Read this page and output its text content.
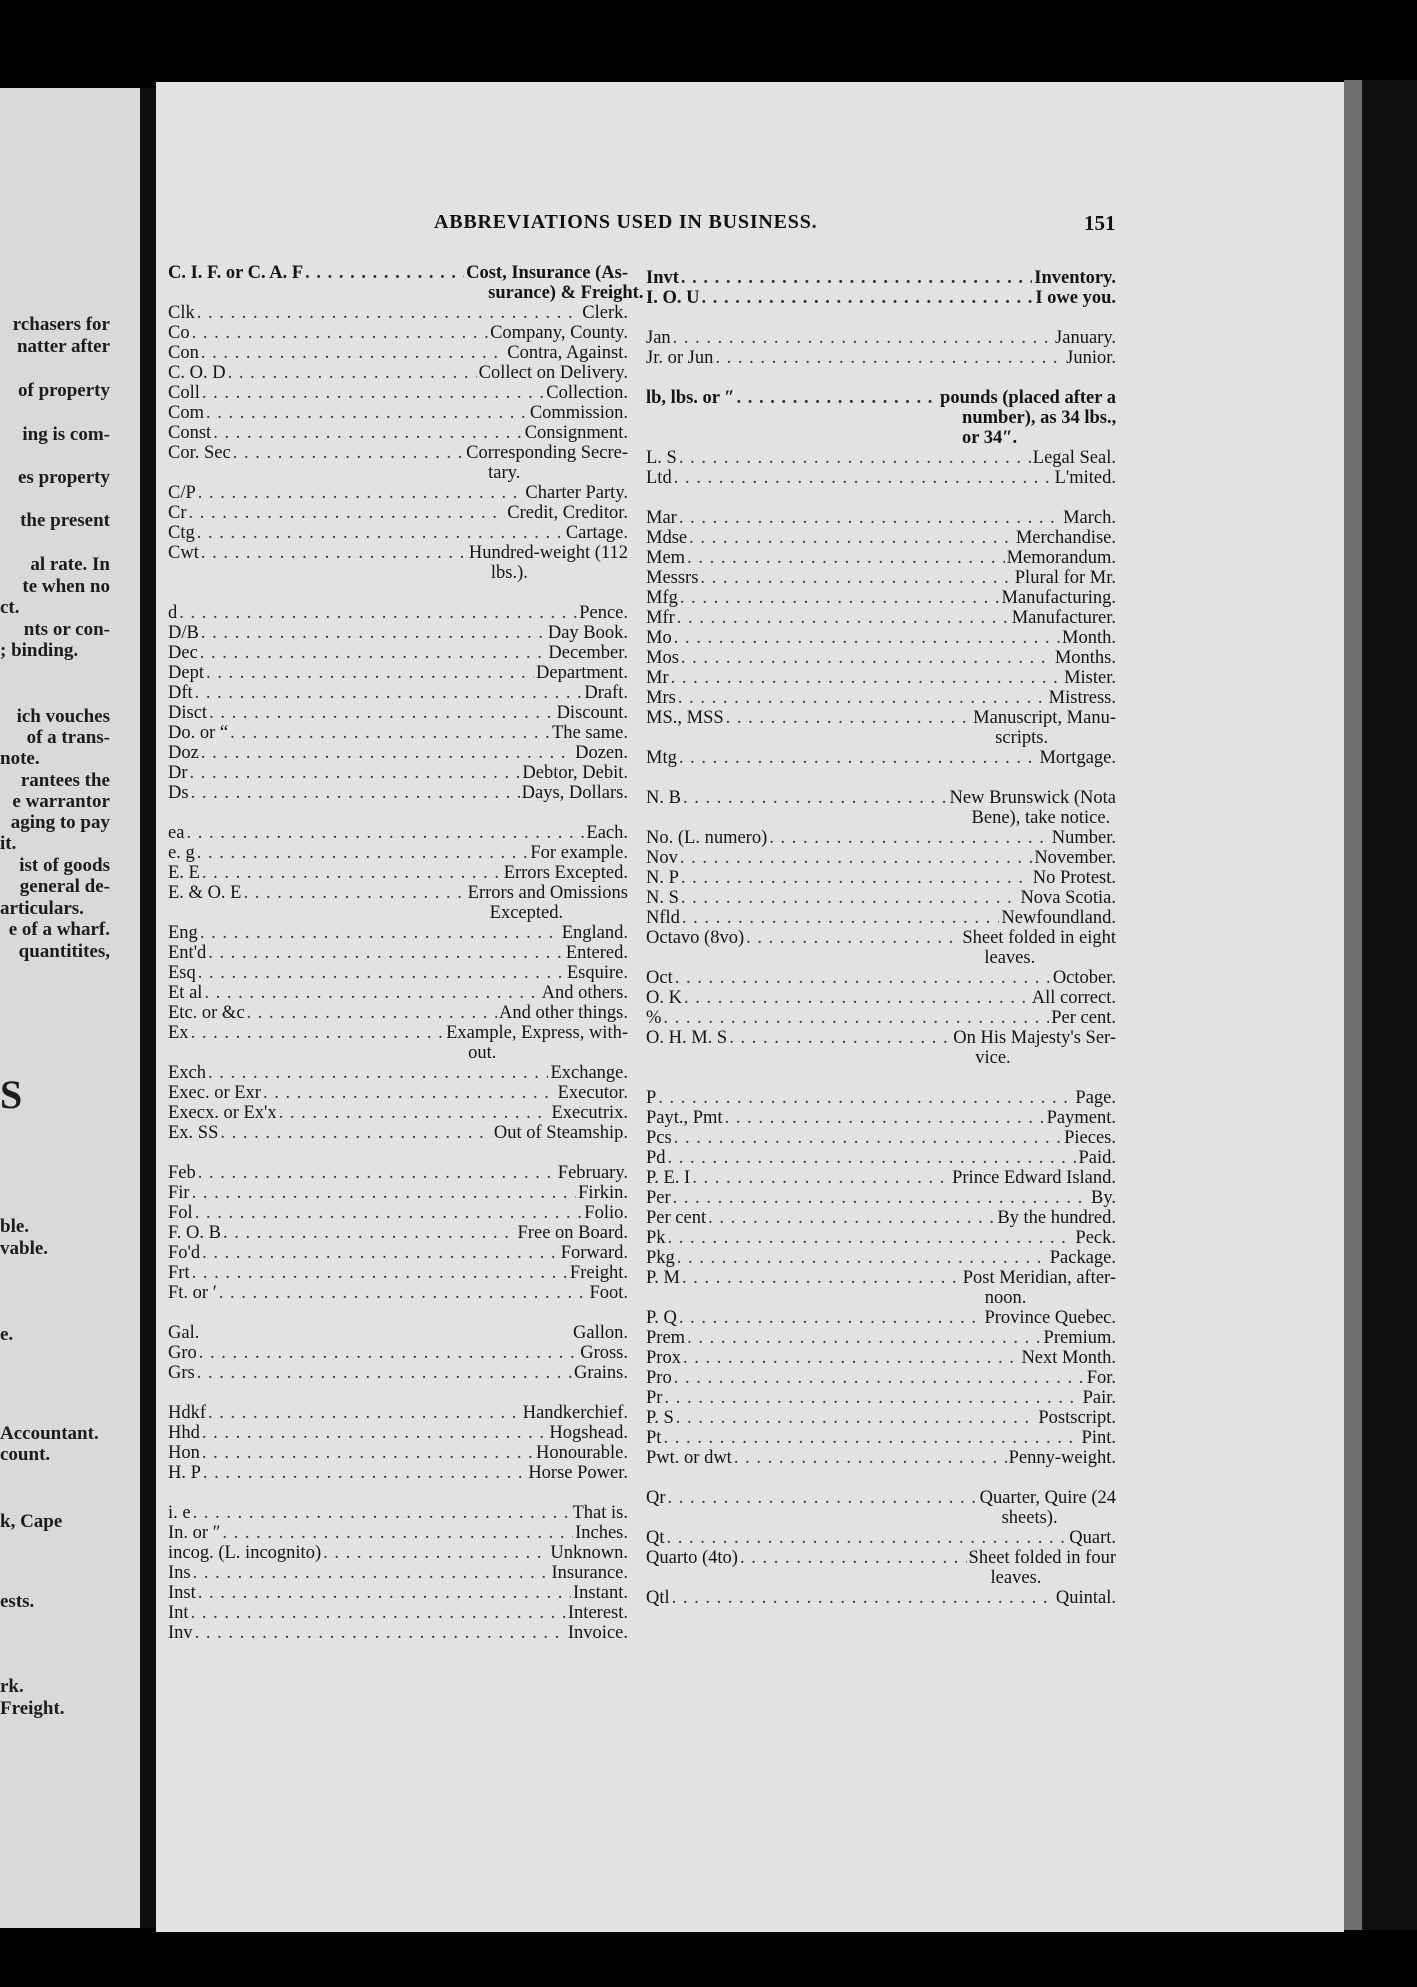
rchasers for
natter after
of property
ing is com-
es property
the present
al rate. In
te when no
ct.
nts or con-
; binding.
ich vouches
of a trans-
note.
rantees the
e warrantor
aging to pay
it.
ist of goods
general de-
articulars.
e of a wharf.
quantitites,
S
ble.
vable.
e.
Accountant.
count.
k, Cape
ests.
rk.
Freight.
ABBREVIATIONS USED IN BUSINESS.	151
C. I. F. or C. A. F . . .	Cost, Insurance (As-
surance) & Freight.
Clk . . .	Clerk.
Co . . .	Company, County.
Con . . .	Contra, Against.
C. O. D . . .	Collect on Delivery.
Coll . . .	Collection.
Com . . .	Commission.
Const . . .	Consignment.
Cor. Sec . . .	Corresponding Secre-
tary.
C/P . . .	Charter Party.
Cr . . .	Credit, Creditor.
Ctg . . .	Cartage.
Cwt . . .	Hundred-weight (112
lbs.).
d . . .	Pence.
D/B . . .	Day Book.
Dec . . .	December.
Dept . . .	Department.
Dft . . .	Draft.
Disct . . .	Discount.
Do. or “ . . .	The same.
Doz . . .	Dozen.
Dr . . .	Debtor, Debit.
Ds . . .	Days, Dollars.
ea . . .	Each.
e. g . . .	For example.
E. E . . .	Errors Excepted.
E. & O. E . . .	Errors and Omissions
Excepted.
Eng . . .	England.
Ent'd . . .	Entered.
Esq . . .	Esquire.
Et al . . .	And others.
Etc. or &c . . .	And other things.
Ex . . .	Example, Express, with-
out.
Exch . . .	Exchange.
Exec. or Exr . . .	Executor.
Execx. or Ex'x . . .	Executrix.
Ex. SS . . .	Out of Steamship.
Feb . . .	February.
Fir . . .	Firkin.
Fol . . .	Folio.
F. O. B . . .	Free on Board.
Fo'd . . .	Forward.
Frt . . .	Freight.
Ft. or ′ . . .	Foot.
Gal.	Gallon.
Gro . . .	Gross.
Grs . . .	Grains.
Hdkf . . .	Handkerchief.
Hhd . . .	Hogshead.
Hon . . .	Honourable.
H. P . . .	Horse Power.
i. e . . .	That is.
In. or ″ . . .	Inches.
incog. (L. incognito) . . .	Unknown.
Ins . . .	Insurance.
Inst . . .	Instant.
Int . . .	Interest.
Inv . . .	Invoice.
Invt . . .	Inventory.
I. O. U . . .	I owe you.
Jan . . .	January.
Jr. or Jun . . .	Junior.
lb, lbs. or ″ . . .	pounds (placed after a
number), as 34 lbs.,
or 34″.
L. S . . .	Legal Seal.
Ltd . . .	L'mited.
Mar . . .	March.
Mdse . . .	Merchandise.
Mem . . .	Memorandum.
Messrs . . .	Plural for Mr.
Mfg . . .	Manufacturing.
Mfr . . .	Manufacturer.
Mo . . .	Month.
Mos . . .	Months.
Mr . . .	Mister.
Mrs . . .	Mistress.
MS., MSS . . .	Manuscript, Manu-
scripts.
Mtg . . .	Mortgage.
N. B . . .	New Brunswick (Nota
Bene), take notice.
No. (L. numero) . . .	Number.
Nov . . .	November.
N. P . . .	No Protest.
N. S . . .	Nova Scotia.
Nfld . . .	Newfoundland.
Octavo (8vo) . . .	Sheet folded in eight
leaves.
Oct . . .	October.
O. K . . .	All correct.
% . . .	Per cent.
O. H. M. S . . .	On His Majesty's Ser-
vice.
P . . .	Page.
Payt., Pmt . . .	Payment.
Pcs . . .	Pieces.
Pd . . .	Paid.
P. E. I . . .	Prince Edward Island.
Per . . .	By.
Per cent . . .	By the hundred.
Pk . . .	Peck.
Pkg . . .	Package.
P. M . . .	Post Meridian, after-
noon.
P. Q . . .	Province Quebec.
Prem . . .	Premium.
Prox . . .	Next Month.
Pro . . .	For.
Pr . . .	Pair.
P. S . . .	Postscript.
Pt . . .	Pint.
Pwt. or dwt . . .	Penny-weight.
Qr . . .	Quarter, Quire (24
sheets).
Qt . . .	Quart.
Quarto (4to) . . .	Sheet folded in four
leaves.
Qtl . . .	Quintal.
